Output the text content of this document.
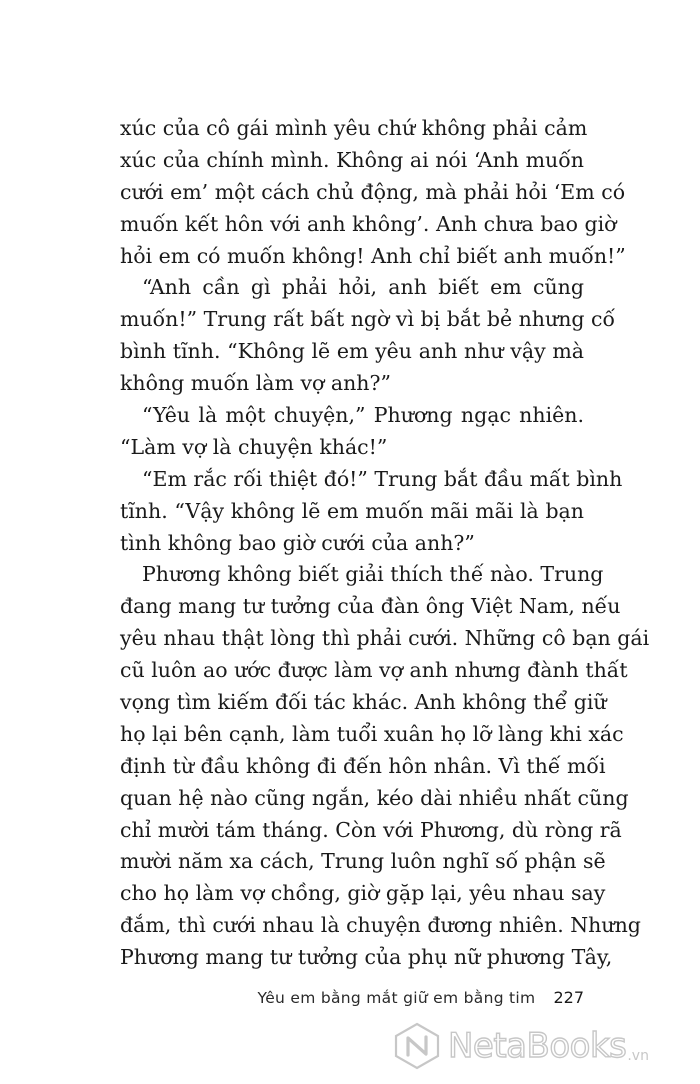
xúc của cô gái mình yêu chứ không phải cảm
xúc của chính mình. Không ai nói ‘Anh muốn
cưới em’ một cách chủ động, mà phải hỏi ‘Em có
muốn kết hôn với anh không’. Anh chưa bao giờ
hỏi em có muốn không! Anh chỉ biết anh muốn!”
“Anh cần gì phải hỏi, anh biết em cũng
muốn!” Trung rất bất ngờ vì bị bắt bẻ nhưng cố
bình tĩnh. “Không lẽ em yêu anh như vậy mà
không muốn làm vợ anh?”
“Yêu là một chuyện,” Phương ngạc nhiên.
“Làm vợ là chuyện khác!”
“Em rắc rối thiệt đó!” Trung bắt đầu mất bình
tĩnh. “Vậy không lẽ em muốn mãi mãi là bạn
tình không bao giờ cưới của anh?”
Phương không biết giải thích thế nào. Trung
đang mang tư tưởng của đàn ông Việt Nam, nếu
yêu nhau thật lòng thì phải cưới. Những cô bạn gái
cũ luôn ao ước được làm vợ anh nhưng đành thất
vọng tìm kiếm đối tác khác. Anh không thể giữ
họ lại bên cạnh, làm tuổi xuân họ lỡ làng khi xác
định từ đầu không đi đến hôn nhân. Vì thế mối
quan hệ nào cũng ngắn, kéo dài nhiều nhất cũng
chỉ mười tám tháng. Còn với Phương, dù ròng rã
mười năm xa cách, Trung luôn nghĩ số phận sẽ
cho họ làm vợ chồng, giờ gặp lại, yêu nhau say
đắm, thì cưới nhau là chuyện đương nhiên. Nhưng
Phương mang tư tưởng của phụ nữ phương Tây,
Yêu em bằng mắt giữ em bằng tim 227
NetaBooks .vn
